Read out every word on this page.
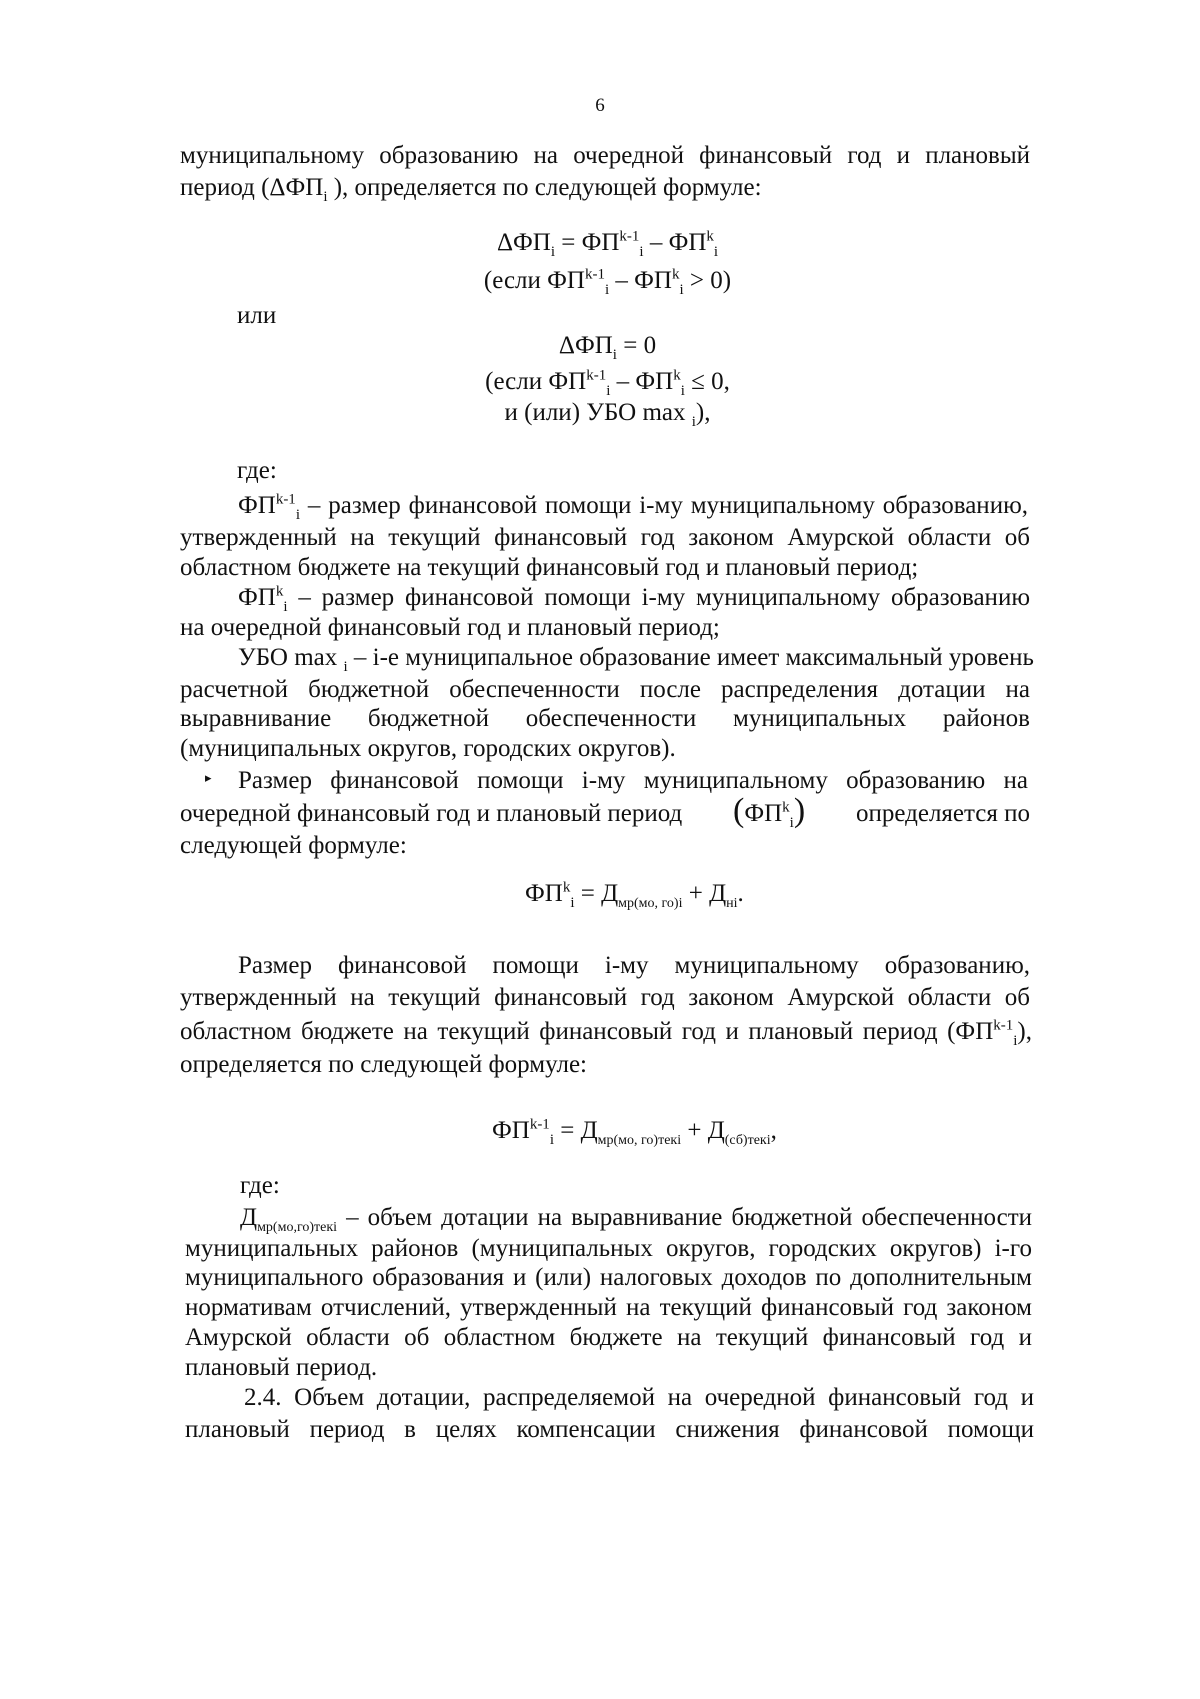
6
муниципальному образованию на очередной финансовый год и плановый
период ($\Delta ФП_i$ ), определяется по следующей формуле:
$\Delta ФП_i = ФП^{k-1}_i - ФП^k_i$
(если $ФП^{k-1}_i - ФП^k_i > 0$)
или
$\Delta ФП_i = 0$
(если $ФП^{k-1}_i - ФП^k_i \le 0$,
и (или) УБО max $_i$),
где:
$ФП^{k-1}_i$ – размер финансовой помощи i-му муниципальному образованию,
утвержденный на текущий финансовый год законом Амурской области об
областном бюджете на текущий финансовый год и плановый период;
$ФП^k_i$ – размер финансовой помощи i-му муниципальному образованию
на очередной финансовый год и плановый период;
УБО max $_i$ – i-е муниципальное образование имеет максимальный уровень
расчетной бюджетной обеспеченности после распределения дотации на
выравнивание бюджетной обеспеченности муниципальных районов
(муниципальных округов, городских округов).
▸ Размер финансовой помощи i-му муниципальному образованию на
очередной финансовый год и плановый период $(ФП^k_i)$ определяется по
следующей формуле:
$ФП^k_i = Д_{мр(мо, го)i} + Д_{нi}$.
Размер финансовой помощи i-му муниципальному образованию,
утвержденный на текущий финансовый год законом Амурской области об
областном бюджете на текущий финансовый год и плановый период $(ФП^{k-1}_i)$,
определяется по следующей формуле:
$ФП^{k-1}_i = Д_{мр(мо, го)текi} + Д_{(сб)текi}$,
где:
$Д_{мр(мо,го)текi}$ – объем дотации на выравнивание бюджетной обеспеченности
муниципальных районов (муниципальных округов, городских округов) i-го
муниципального образования и (или) налоговых доходов по дополнительным
нормативам отчислений, утвержденный на текущий финансовый год законом
Амурской области об областном бюджете на текущий финансовый год и
плановый период.
2.4. Объем дотации, распределяемой на очередной финансовый год и
плановый период в целях компенсации снижения финансовой помощи
